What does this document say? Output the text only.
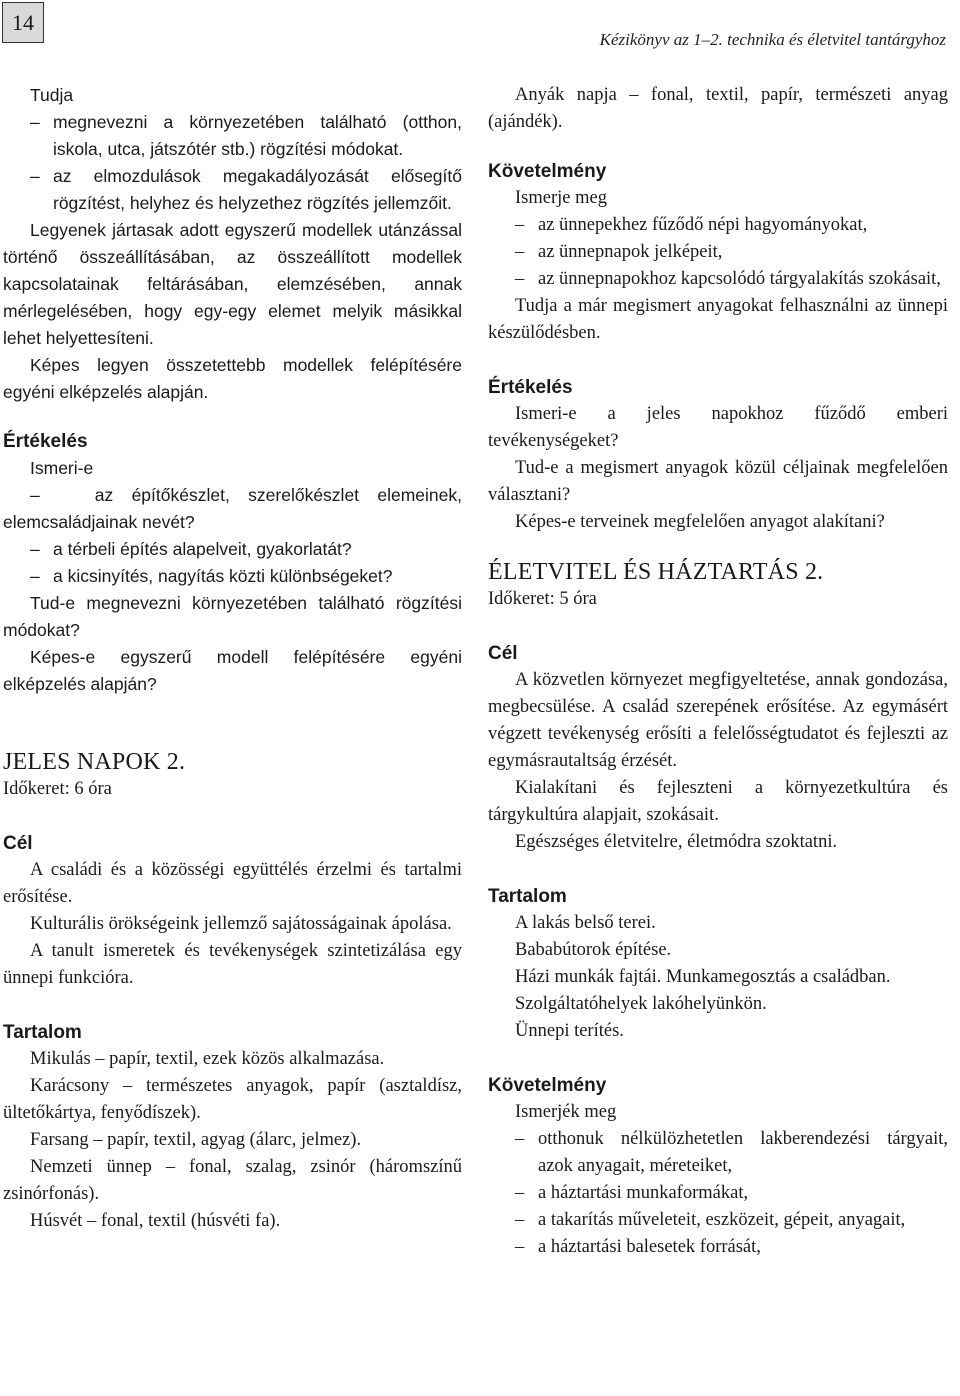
14
Kézikönyv az 1–2. technika és életvitel tantárgyhoz

Tudja

– megnevezni a környezetében található (otthon, iskola, utca, játszótér stb.) rögzítési módokat.
– az elmozdulások megakadályozását elősegítő rögzítést, helyhez és helyzethez rögzítés jellemzőit.

Legyenek jártasak adott egyszerű modellek utánzással történő összeállításában, az összeállított modellek kapcsolatainak feltárásában, elemzésében, annak mérlegelésében, hogy egy-egy elemet melyik másikkal lehet helyettesíteni.

Képes legyen összetettebb modellek felépítésére egyéni elképzelés alapján.

Értékelés

Ismeri-e

–   az építőkészlet, szerelőkészlet elemeinek, elemcsaládjainak nevét?

– a térbeli építés alapelveit, gyakorlatát?
– a kicsinyítés, nagyítás közti különbségeket?

Tud-e megnevezni környezetében található rögzítési módokat?

Képes-e egyszerű modell felépítésére egyéni elképzelés alapján?

JELES NAPOK 2.

Időkeret: 6 óra

Cél

A családi és a közösségi együttélés érzelmi és tartalmi erősítése.

Kulturális örökségeink jellemző sajátosságainak ápolása.

A tanult ismeretek és tevékenységek szintetizálása egy ünnepi funkcióra.

Tartalom

Mikulás – papír, textil, ezek közös alkalmazása.

Karácsony – természetes anyagok, papír (asztaldísz, ültetőkártya, fenyődíszek).

Farsang – papír, textil, agyag (álarc, jelmez).

Nemzeti ünnep – fonal, szalag, zsinór (háromszínű zsinórfonás).

Húsvét – fonal, textil (húsvéti fa).

Anyák napja – fonal, textil, papír, természeti anyag (ajándék).

Követelmény

Ismerje meg

– az ünnepekhez fűződő népi hagyományokat,
– az ünnepnapok jelképeit,
– az ünnepnapokhoz kapcsolódó tárgyalakítás szokásait,

Tudja a már megismert anyagokat felhasználni az ünnepi készülődésben.

Értékelés

Ismeri-e a jeles napokhoz fűződő emberi tevékenységeket?

Tud-e a megismert anyagok közül céljainak megfelelően választani?

Képes-e terveinek megfelelően anyagot alakítani?

ÉLETVITEL ÉS HÁZTARTÁS 2.

Időkeret: 5 óra

Cél

A közvetlen környezet megfigyeltetése, annak gondozása, megbecsülése. A család szerepének erősítése. Az egymásért végzett tevékenység erősíti a felelősségtudatot és fejleszti az egymásrautaltság érzését.

Kialakítani és fejleszteni a környezetkultúra és tárgykultúra alapjait, szokásait.

Egészséges életvitelre, életmódra szoktatni.

Tartalom

A lakás belső terei.

Bababútorok építése.

Házi munkák fajtái. Munkamegosztás a családban.

Szolgáltatóhelyek lakóhelyünkön.

Ünnepi terítés.

Követelmény

Ismerjék meg

– otthonuk nélkülözhetetlen lakberendezési tárgyait, azok anyagait, méreteiket,
– a háztartási munkaformákat,
– a takarítás műveleteit, eszközeit, gépeit, anyagait,
– a háztartási balesetek forrását,
